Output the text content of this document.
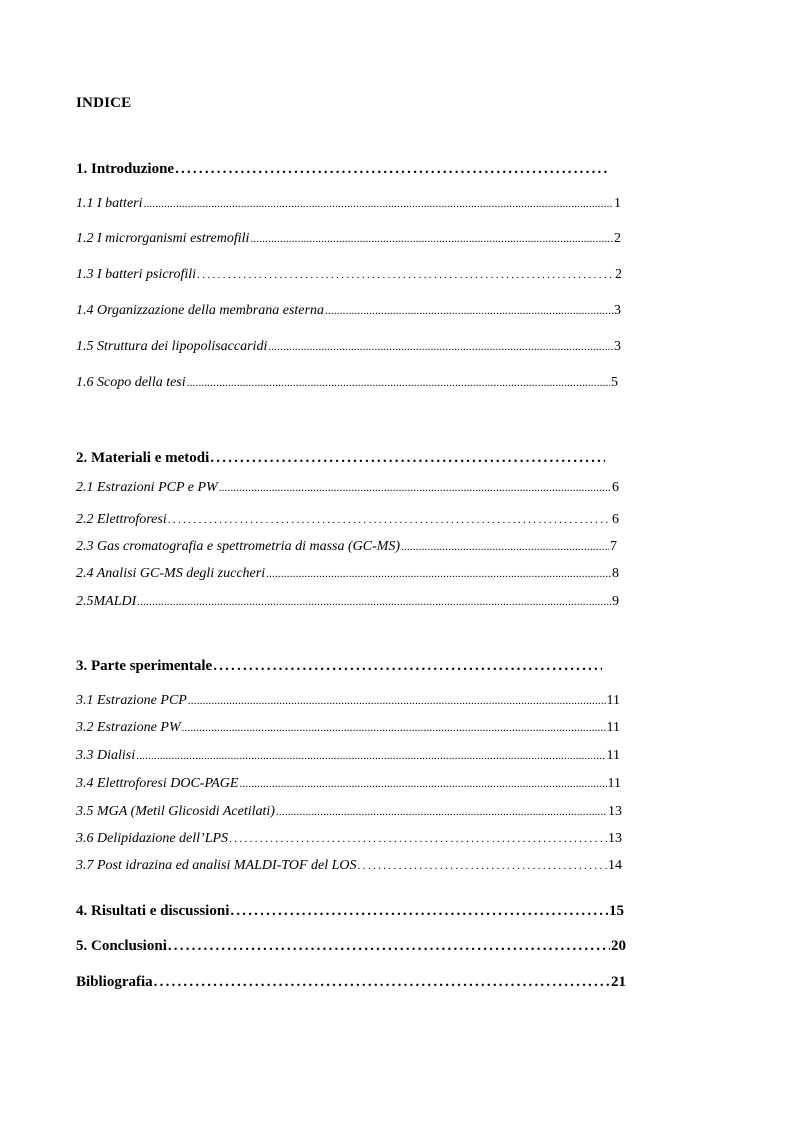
INDICE
1. Introduzione
.....
1.1 I batteri .....	1
1.2 I microrganismi estremofili .....	2
1.3 I batteri psicrofili .....	2
1.4 Organizzazione della membrana esterna .....	3
1.5 Struttura dei lipopolisaccaridi .....	3
1.6 Scopo della tesi .....	5
2. Materiali e metodi
.....
2.1 Estrazioni PCP e PW .....	6
2.2 Elettroforesi .....	6
2.3 Gas cromatografia e spettrometria di massa (GC-MS) .....	7
2.4 Analisi GC-MS degli zuccheri .....	8
2.5MALDI .....	9
3. Parte sperimentale
.....
3.1 Estrazione PCP .....	11
3.2 Estrazione PW .....	11
3.3 Dialisi .....	11
3.4 Elettroforesi DOC-PAGE .....	11
3.5 MGA (Metil Glicosidi Acetilati) .....	13
3.6 Delipidazione dell’LPS .....	13
3.7 Post idrazina ed analisi MALDI-TOF del LOS .....	14
4. Risultati e discussioni .....	15
5. Conclusioni .....	20
Bibliografia .....	21
